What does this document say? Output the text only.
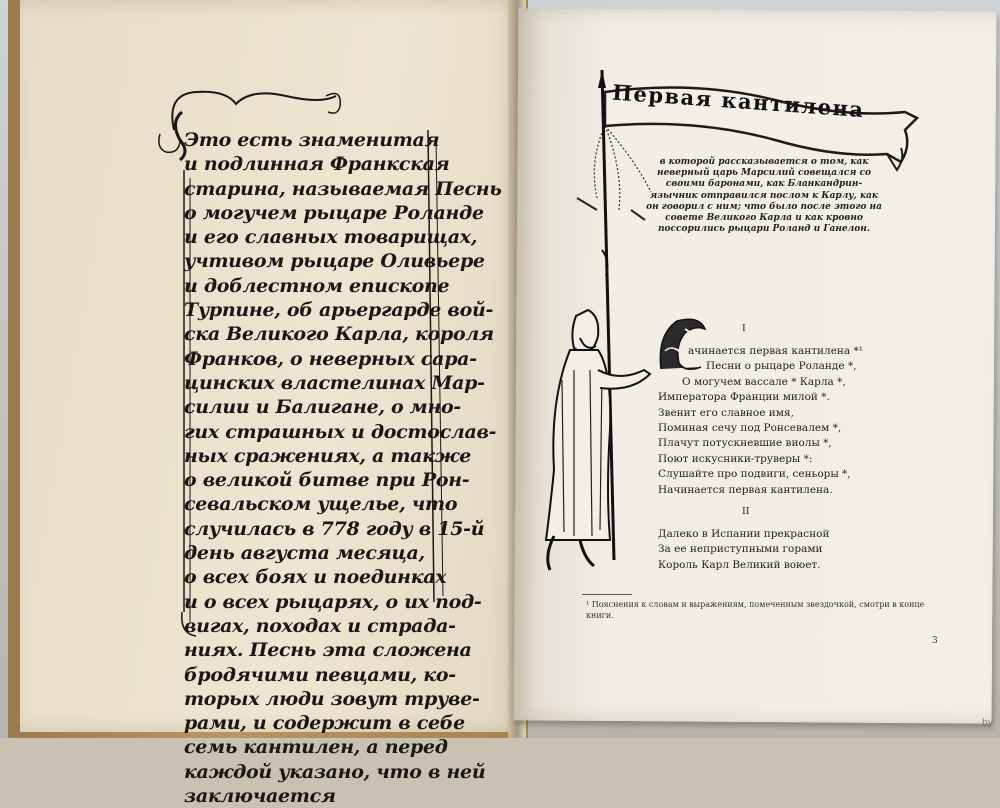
Это есть знаменитая
и подлинная Франкская
старина, называемая Песнь
о могучем рыцаре Роланде
и его славных товарищах,
учтивом рыцаре Оливьере
и доблестном епископе
Турпине, об арьергарде вой-
ска Великого Карла, короля
Франков, о неверных сара-
цинских властелинах Мар-
силии и Балигане, о мно-
гих страшных и достослав-
ных сражениях, а также
о великой битве при Рон-
севальском ущелье, что
случилась в 778 году в 15-й
день августа месяца,
о всех боях и поединках
и о всех рыцарях, о их под-
вигах, походах и страда-
ниях. Песнь эта сложена
бродячими певцами, ко-
торых люди зовут труве-
рами, и содержит в себе
семь кантилен, а перед
каждой указано, что в ней
заключается
Первая кантилена
в которой рассказывается о том, как неверный царь Марсилий совещался со своими баронами, как Бланкандрин-язычник отправился послом к Карлу, как он говорил с ним; что было после этого на совете Великого Карла и как кровно поссорились рыцари Роланд и Ганелон.
I
ачинается первая кантилена *¹
Песни о рыцаре Роланде *,
О могучем вассале * Карла *,
Императора Франции милой *.
Звенит его славное имя,
Поминая сечу под Ронсевалем *,
Плачут потускневшие виолы *,
Поют искусники-труверы *:
Слушайте про подвиги, сеньоры *,
Начинается первая кантилена.
II
Далеко в Испании прекрасной
За ее неприступными горами
Король Карл Великий воюет.
¹ Пояснения к словам и выражениям, помеченным звездочкой, смотри в конце книги.
3
by
